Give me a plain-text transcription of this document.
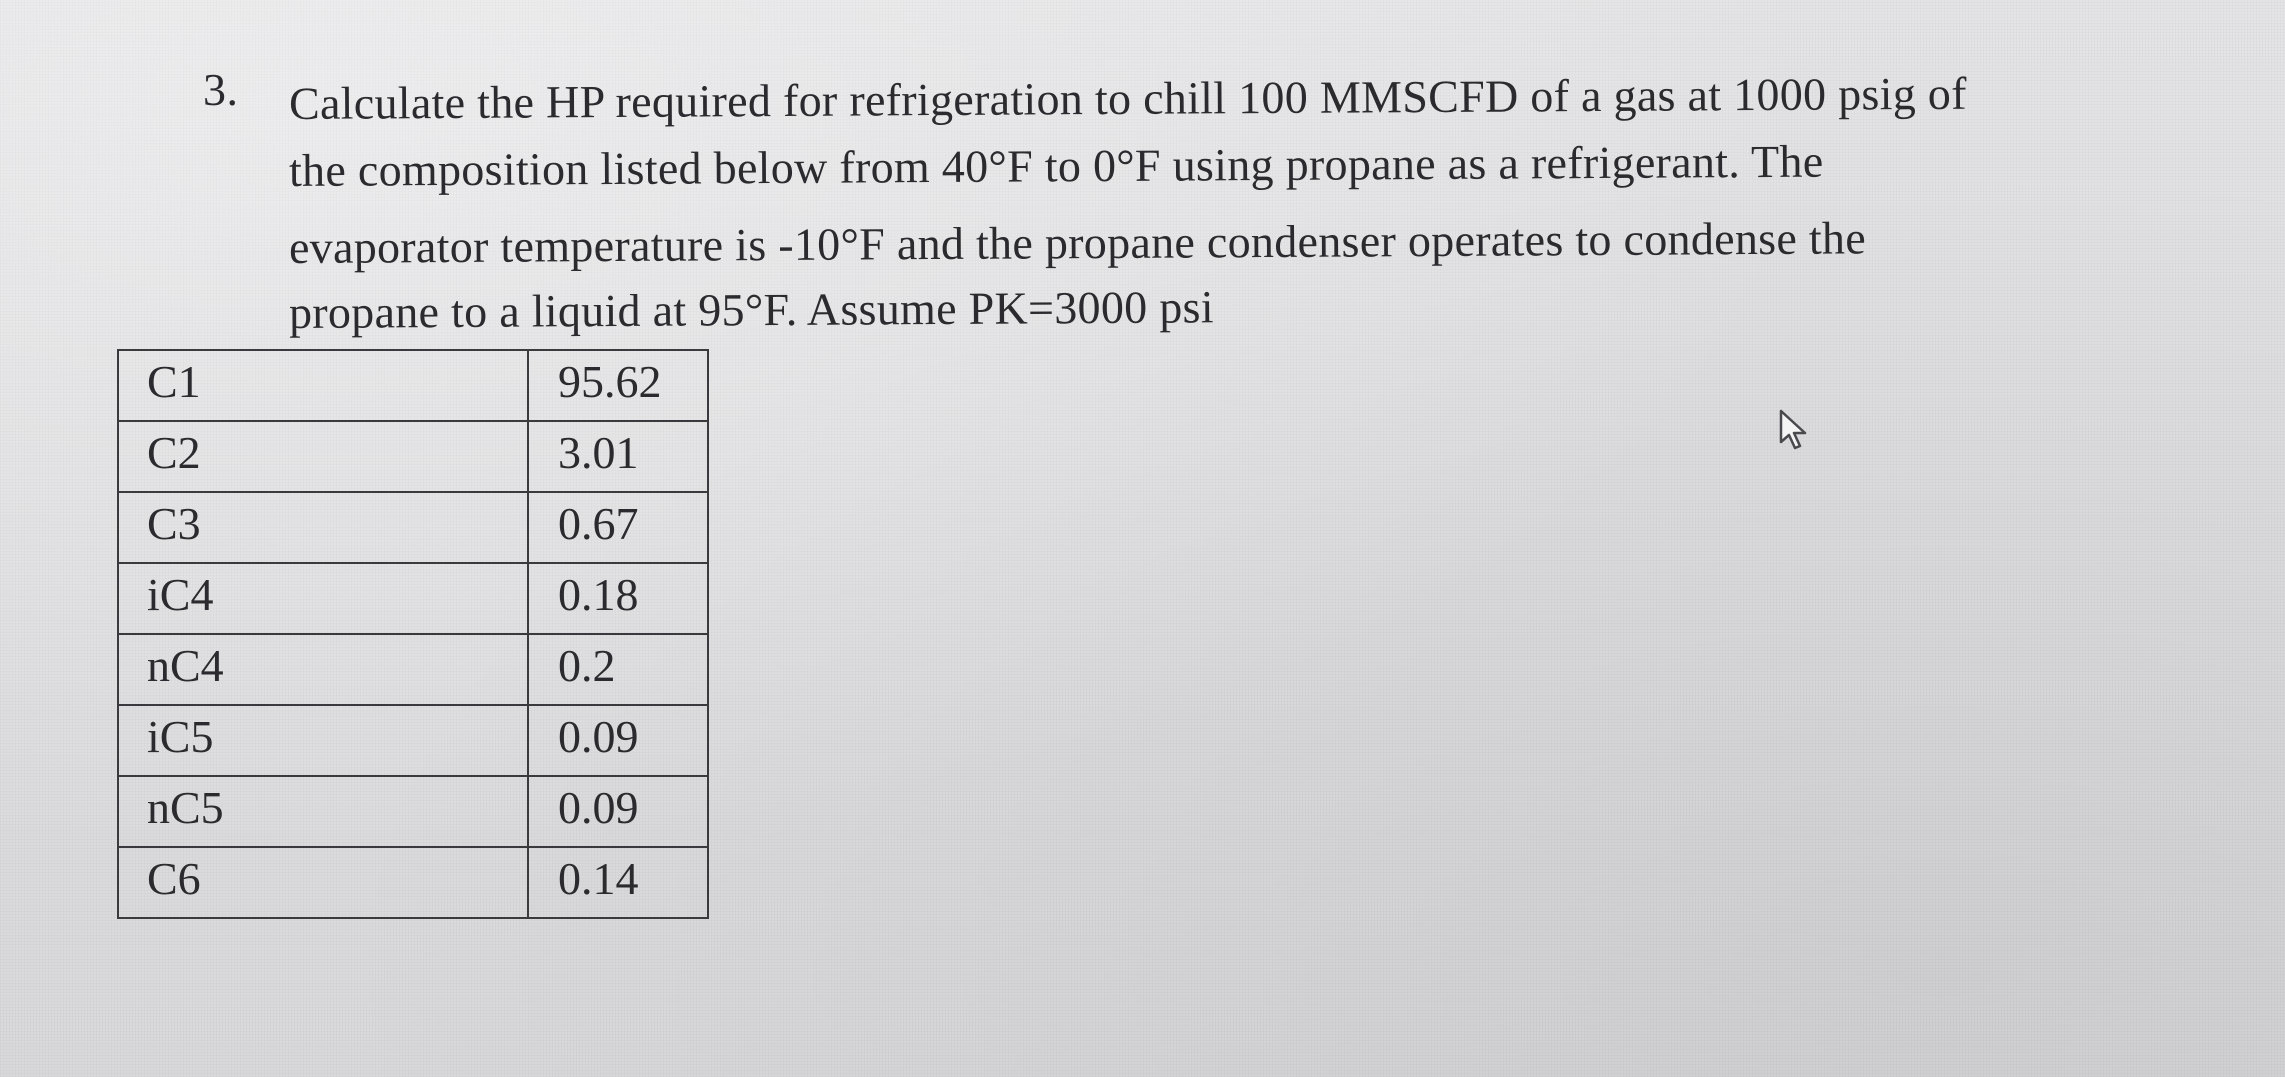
3. Calculate the HP required for refrigeration to chill 100 MMSCFD of a gas at 1000 psig of
the composition listed below from 40°F to 0°F using propane as a refrigerant. The
evaporator temperature is -10°F and the propane condenser operates to condense the
propane to a liquid at 95°F. Assume PK=3000 psi
C1	95.62
C2	3.01
C3	0.67
iC4	0.18
nC4	0.2
iC5	0.09
nC5	0.09
C6	0.14
